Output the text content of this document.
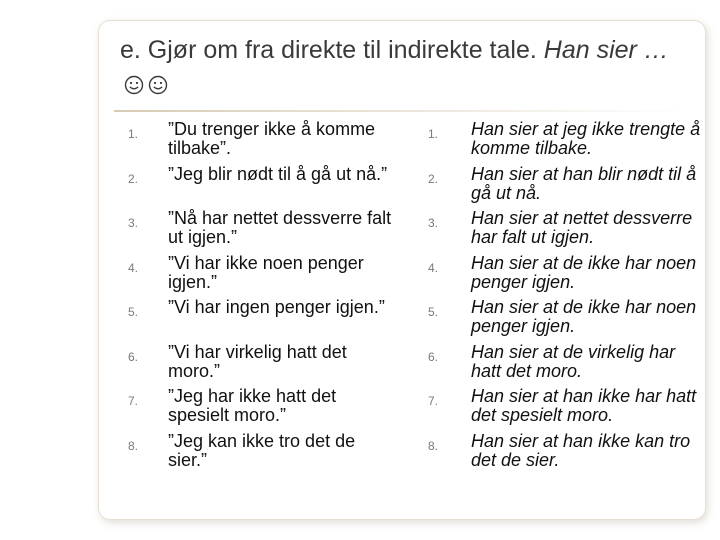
e. Gjør om fra direkte til indirekte tale. Han sier …
1. ”Du trenger ikke å komme tilbake”.
2. ”Jeg blir nødt til å gå ut nå.”
3. ”Nå har nettet dessverre falt ut igjen.”
4. ”Vi har ikke noen penger igjen.”
5. ”Vi har ingen penger igjen.”
6. ”Vi har virkelig hatt det moro.”
7. ”Jeg har ikke hatt det spesielt moro.”
8. ”Jeg kan ikke tro det de sier.”
1. Han sier at jeg ikke trengte å komme tilbake.
2. Han sier at han blir nødt til å gå ut nå.
3. Han sier at nettet dessverre har falt ut igjen.
4. Han sier at de ikke har noen penger igjen.
5. Han sier at de ikke har noen penger igjen.
6. Han sier at de virkelig har hatt det moro.
7. Han sier at han ikke har hatt det spesielt moro.
8. Han sier at han ikke kan tro det de sier.
